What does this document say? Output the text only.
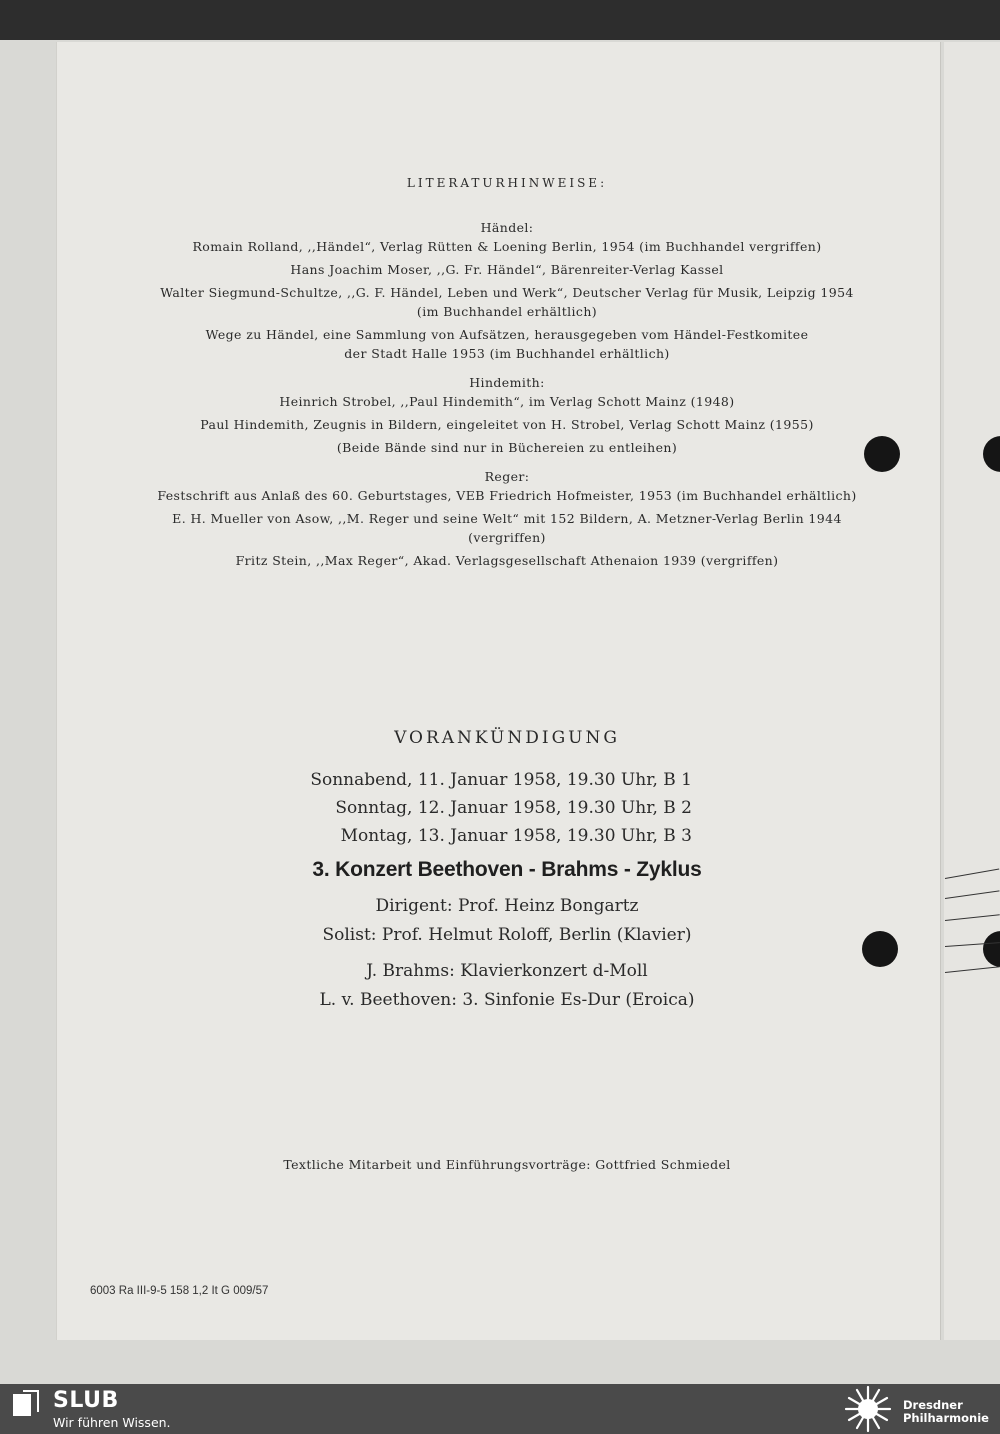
LITERATURHINWEISE:
Händel:
Romain Rolland, ,,Händel“, Verlag Rütten & Loening Berlin, 1954 (im Buchhandel vergriffen)
Hans Joachim Moser, ,,G. Fr. Händel“, Bärenreiter-Verlag Kassel
Walter Siegmund-Schultze, ,,G. F. Händel, Leben und Werk“, Deutscher Verlag für Musik, Leipzig 1954
(im Buchhandel erhältlich)
Wege zu Händel, eine Sammlung von Aufsätzen, herausgegeben vom Händel-Festkomitee
der Stadt Halle 1953 (im Buchhandel erhältlich)
Hindemith:
Heinrich Strobel, ,,Paul Hindemith“, im Verlag Schott Mainz (1948)
Paul Hindemith, Zeugnis in Bildern, eingeleitet von H. Strobel, Verlag Schott Mainz (1955)
(Beide Bände sind nur in Büchereien zu entleihen)
Reger:
Festschrift aus Anlaß des 60. Geburtstages, VEB Friedrich Hofmeister, 1953 (im Buchhandel erhältlich)
E. H. Mueller von Asow, ,,M. Reger und seine Welt“ mit 152 Bildern, A. Metzner-Verlag Berlin 1944
(vergriffen)
Fritz Stein, ,,Max Reger“, Akad. Verlagsgesellschaft Athenaion 1939 (vergriffen)
VORANKÜNDIGUNG
Sonnabend, 11. Januar 1958, 19.30 Uhr, B 1
Sonntag, 12. Januar 1958, 19.30 Uhr, B 2
Montag, 13. Januar 1958, 19.30 Uhr, B 3
3. Konzert Beethoven - Brahms - Zyklus
Dirigent: Prof. Heinz Bongartz
Solist: Prof. Helmut Roloff, Berlin (Klavier)
J. Brahms: Klavierkonzert d-Moll
L. v. Beethoven: 3. Sinfonie Es-Dur (Eroica)
Textliche Mitarbeit und Einführungsvorträge: Gottfried Schmiedel
6003 Ra III-9-5 158 1,2 It G 009/57
SLUB
Wir führen Wissen.
Dresdner
Philharmonie
